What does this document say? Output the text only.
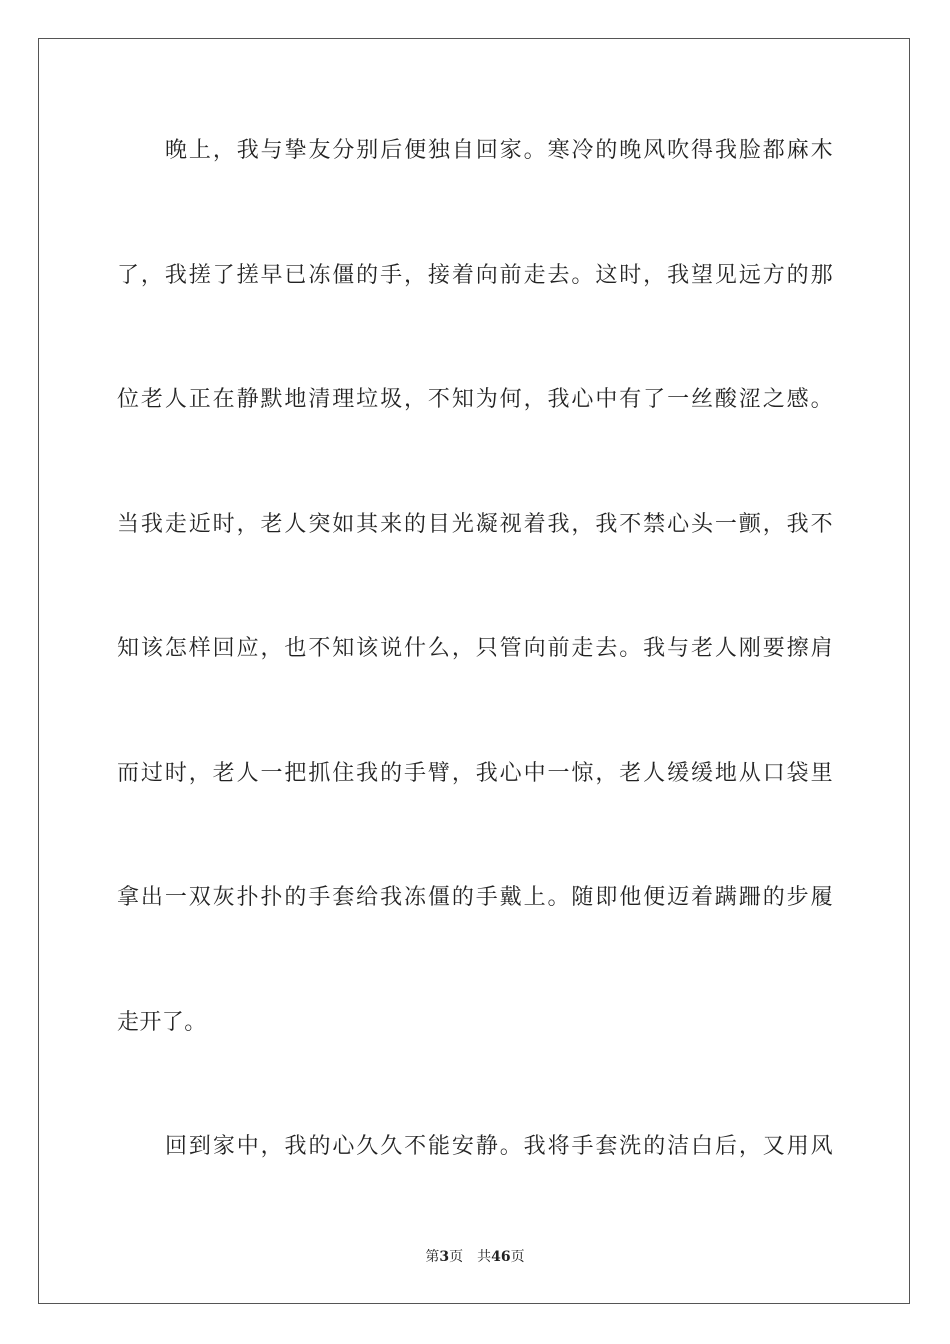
晚上，我与挚友分别后便独自回家。寒冷的晚风吹得我脸都麻木
了，我搓了搓早已冻僵的手，接着向前走去。这时，我望见远方的那
位老人正在静默地清理垃圾，不知为何，我心中有了一丝酸涩之感。
当我走近时，老人突如其来的目光凝视着我，我不禁心头一颤，我不
知该怎样回应，也不知该说什么，只管向前走去。我与老人刚要擦肩
而过时，老人一把抓住我的手臂，我心中一惊，老人缓缓地从口袋里
拿出一双灰扑扑的手套给我冻僵的手戴上。随即他便迈着蹒跚的步履
走开了。
回到家中，我的心久久不能安静。我将手套洗的洁白后，又用风
第3页 共46页
